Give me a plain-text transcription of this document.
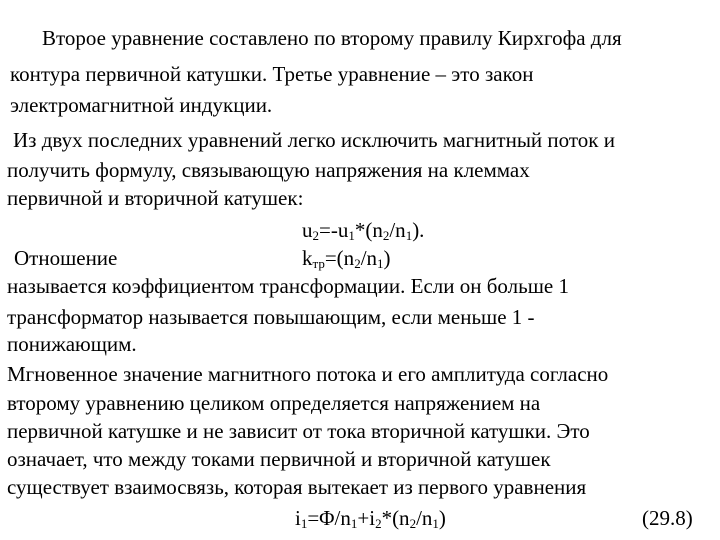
Второе уравнение составлено по второму правилу Кирхгофа для
контура первичной катушки. Третье уравнение – это закон
электромагнитной индукции.
Из двух последних уравнений легко исключить магнитный поток и
получить формулу, связывающую напряжения на клеммах
первичной и вторичной катушек:
$u_2=-u_1*(n_2/n_1)$.
Отношение	$k_{тр}=(n_2/n_1)$
называется коэффициентом трансформации. Если он больше 1
трансформатор называется повышающим, если меньше 1 -
понижающим.
Мгновенное значение магнитного потока и его амплитуда согласно
второму уравнению целиком определяется напряжением на
первичной катушке и не зависит от тока вторичной катушки. Это
означает, что между токами первичной и вторичной катушек
существует взаимосвязь, которая вытекает из первого уравнения
$i_1=\Phi/n_1+i_2*(n_2/n_1)$	(29.8)
